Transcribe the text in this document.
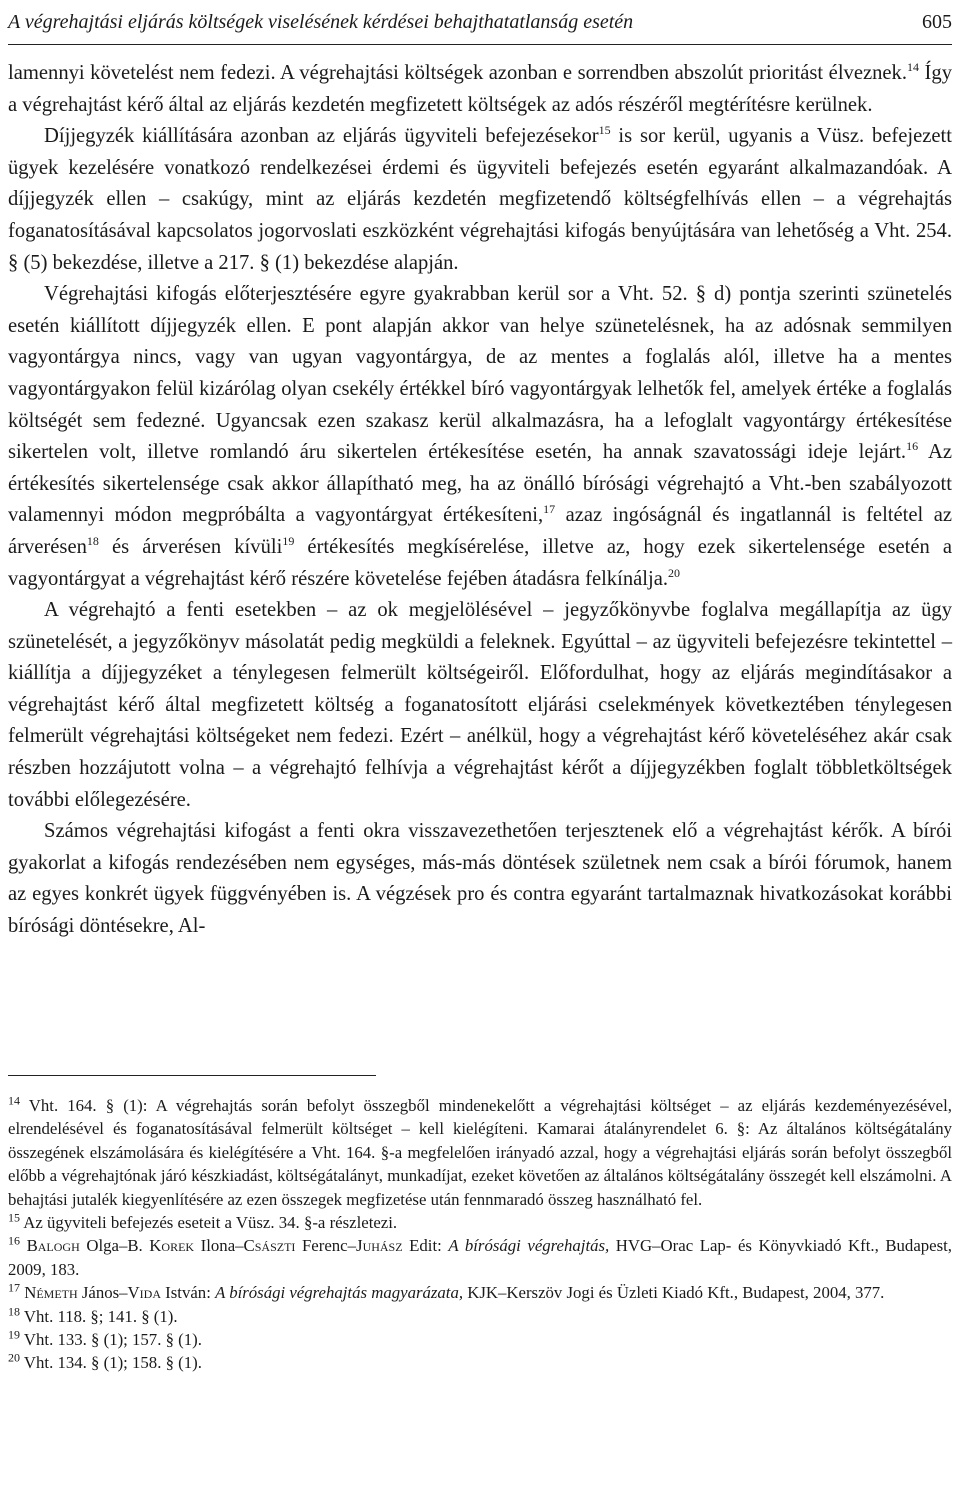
A végrehajtási eljárás költségek viselésének kérdései behajthatatlanság esetén	605

lamennyi követelést nem fedezi. A végrehajtási költségek azonban e sorrendben abszolút prioritást élveznek.$^{14}$ Így a végrehajtást kérő által az eljárás kezdetén megfizetett költségek az adós részéről megtérítésre kerülnek.

Díjjegyzék kiállítására azonban az eljárás ügyviteli befejezésekor$^{15}$ is sor kerül, ugyanis a Vüsz. befejezett ügyek kezelésére vonatkozó rendelkezései érdemi és ügyviteli befejezés esetén egyaránt alkalmazandóak. A díjjegyzék ellen – csakúgy, mint az eljárás kezdetén megfizetendő költségfelhívás ellen – a végrehajtás foganatosításával kapcsolatos jogorvoslati eszközként végrehajtási kifogás benyújtására van lehetőség a Vht. 254. § (5) bekezdése, illetve a 217. § (1) bekezdése alapján.

Végrehajtási kifogás előterjesztésére egyre gyakrabban kerül sor a Vht. 52. § d) pontja szerinti szünetelés esetén kiállított díjjegyzék ellen. E pont alapján akkor van helye szünetelésnek, ha az adósnak semmilyen vagyontárgya nincs, vagy van ugyan vagyontárgya, de az mentes a foglalás alól, illetve ha a mentes vagyontárgyakon felül kizárólag olyan csekély értékkel bíró vagyontárgyak lelhetők fel, amelyek értéke a foglalás költségét sem fedezné. Ugyancsak ezen szakasz kerül alkalmazásra, ha a lefoglalt vagyontárgy értékesítése sikertelen volt, illetve romlandó áru sikertelen értékesítése esetén, ha annak szavatossági ideje lejárt.$^{16}$ Az értékesítés sikertelensége csak akkor állapítható meg, ha az önálló bírósági végrehajtó a Vht.-ben szabályozott valamennyi módon megpróbálta a vagyontárgyat értékesíteni,$^{17}$ azaz ingóságnál és ingatlannál is feltétel az árverésen$^{18}$ és árverésen kívüli$^{19}$ értékesítés megkísérelése, illetve az, hogy ezek sikertelensége esetén a vagyontárgyat a végrehajtást kérő részére követelése fejében átadásra felkínálja.$^{20}$

A végrehajtó a fenti esetekben – az ok megjelölésével – jegyzőkönyvbe foglalva megállapítja az ügy szünetelését, a jegyzőkönyv másolatát pedig megküldi a feleknek. Egyúttal – az ügyviteli befejezésre tekintettel – kiállítja a díjjegyzéket a ténylegesen felmerült költségeiről. Előfordulhat, hogy az eljárás megindításakor a végrehajtást kérő által megfizetett költség a foganatosított eljárási cselekmények következtében ténylegesen felmerült végrehajtási költségeket nem fedezi. Ezért – anélkül, hogy a végrehajtást kérő követeléséhez akár csak részben hozzájutott volna – a végrehajtó felhívja a végrehajtást kérőt a díjjegyzékben foglalt többletköltségek további előlegezésére.

Számos végrehajtási kifogást a fenti okra visszavezethetően terjesztenek elő a végrehajtást kérők. A bírói gyakorlat a kifogás rendezésében nem egységes, más-más döntések születnek nem csak a bírói fórumok, hanem az egyes konkrét ügyek függvényében is. A végzések pro és contra egyaránt tartalmaznak hivatkozásokat korábbi bírósági döntésekre, Al-

$^{14}$ Vht. 164. § (1): A végrehajtás során befolyt összegből mindenekelőtt a végrehajtási költséget – az eljárás kezdeményezésével, elrendelésével és foganatosításával felmerült költséget – kell kielégíteni. Kamarai átalányrendelet 6. §: Az általános költségátalány összegének elszámolására és kielégítésére a Vht. 164. §-a megfelelően irányadó azzal, hogy a végrehajtási eljárás során befolyt összegből előbb a végrehajtónak járó készkiadást, költségátalányt, munkadíjat, ezeket követően az általános költségátalány összegét kell elszámolni. A behajtási jutalék kiegyenlítésére az ezen összegek megfizetése után fennmaradó összeg használható fel.

$^{15}$ Az ügyviteli befejezés eseteit a Vüsz. 34. §-a részletezi.

$^{16}$ Balogh Olga–B. Korek Ilona–Császti Ferenc–Juhász Edit: A bírósági végrehajtás, HVG–Orac Lap- és Könyvkiadó Kft., Budapest, 2009, 183.

$^{17}$ Németh János–Vida István: A bírósági végrehajtás magyarázata, KJK–Kerszöv Jogi és Üzleti Kiadó Kft., Budapest, 2004, 377.

$^{18}$ Vht. 118. §; 141. § (1).

$^{19}$ Vht. 133. § (1); 157. § (1).

$^{20}$ Vht. 134. § (1); 158. § (1).
